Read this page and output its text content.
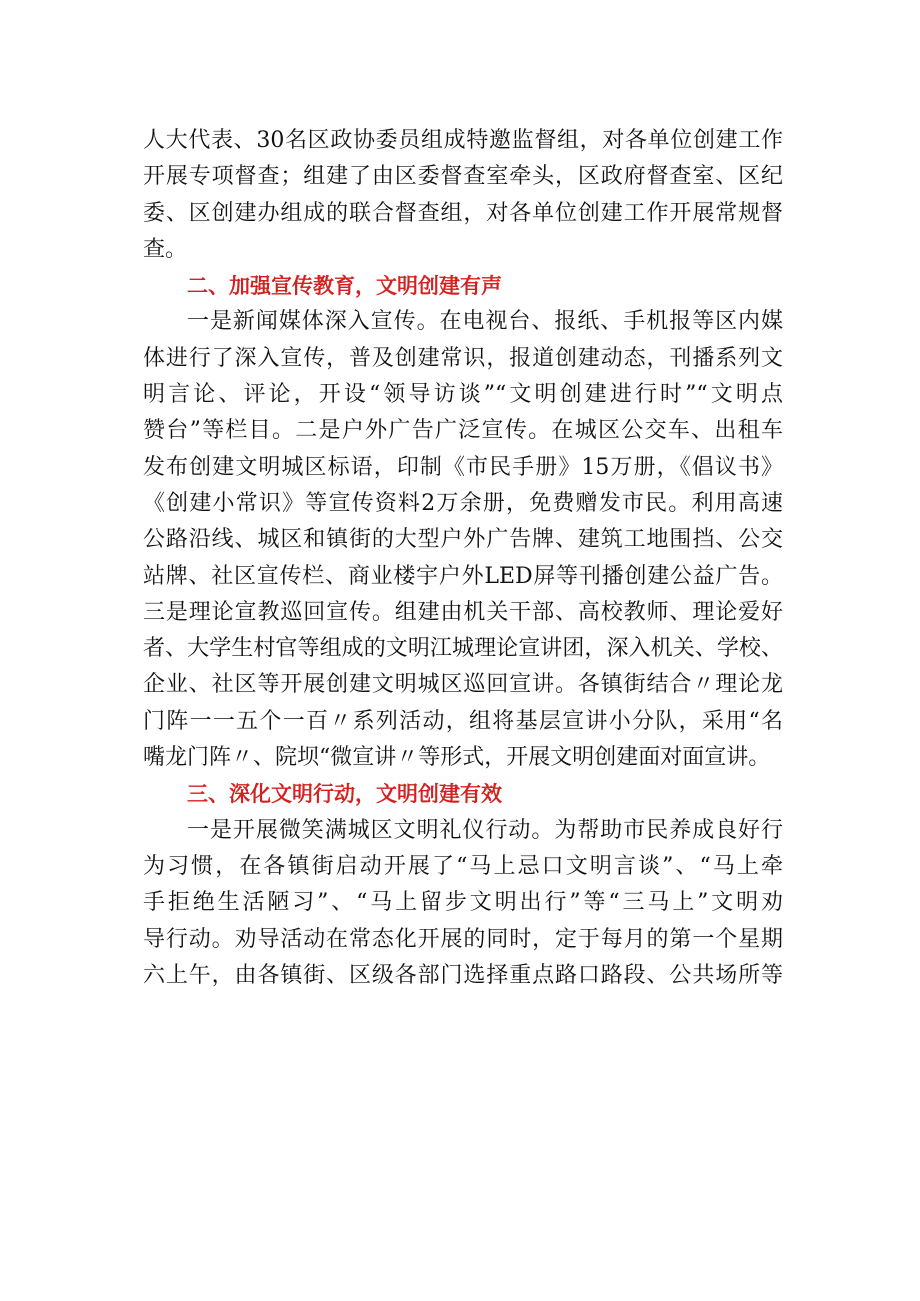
人大代表、30名区政协委员组成特邀监督组，对各单位创建工作
开展专项督查；组建了由区委督查室牵头，区政府督查室、区纪
委、区创建办组成的联合督查组，对各单位创建工作开展常规督
查。
二、加强宣传教育，文明创建有声
一是新闻媒体深入宣传。在电视台、报纸、手机报等区内媒
体进行了深入宣传，普及创建常识，报道创建动态，刊播系列文
明言论、评论，开设“领导访谈”“文明创建进行时”“文明点
赞台”等栏目。二是户外广告广泛宣传。在城区公交车、出租车
发布创建文明城区标语，印制《市民手册》15万册，《倡议书》
《创建小常识》等宣传资料2万余册，免费赠发市民。利用高速
公路沿线、城区和镇街的大型户外广告牌、建筑工地围挡、公交
站牌、社区宣传栏、商业楼宇户外LED屏等刊播创建公益广告。
三是理论宣教巡回宣传。组建由机关干部、高校教师、理论爱好
者、大学生村官等组成的文明江城理论宣讲团，深入机关、学校、
企业、社区等开展创建文明城区巡回宣讲。各镇街结合〃理论龙
门阵一一五个一百〃系列活动，组将基层宣讲小分队，采用“名
嘴龙门阵〃、院坝“微宣讲〃等形式，开展文明创建面对面宣讲。
三、深化文明行动，文明创建有效
一是开展微笑满城区文明礼仪行动。为帮助市民养成良好行
为习惯，在各镇街启动开展了“马上忌口文明言谈”、“马上牵
手拒绝生活陋习”、“马上留步文明出行”等“三马上”文明劝
导行动。劝导活动在常态化开展的同时，定于每月的第一个星期
六上午，由各镇街、区级各部门选择重点路口路段、公共场所等
